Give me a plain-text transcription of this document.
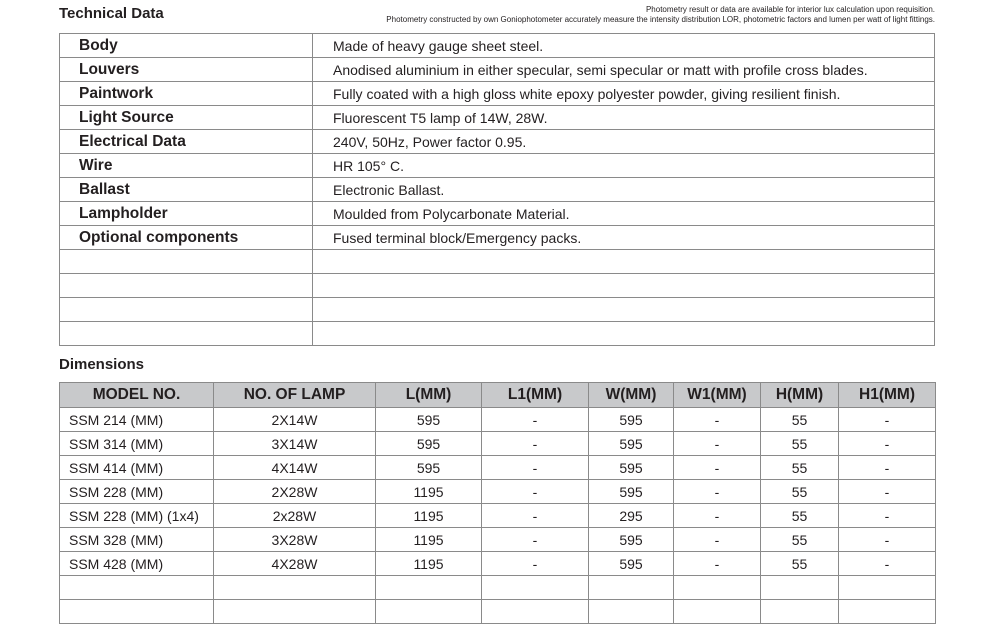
Technical Data	Photometry result or data are available for interior lux calculation upon requisition.
Photometry constructed by own Goniophotometer accurately measure the intensity distribution LOR, photometric factors and lumen per watt of light fittings.
Body	Made of heavy gauge sheet steel.
Louvers	Anodised aluminium in either specular, semi specular or matt with profile cross blades.
Paintwork	Fully coated with a high gloss white epoxy polyester powder, giving resilient finish.
Light Source	Fluorescent T5 lamp of 14W, 28W.
Electrical Data	240V, 50Hz, Power factor 0.95.
Wire	HR 105° C.
Ballast	Electronic Ballast.
Lampholder	Moulded from Polycarbonate Material.
Optional components	Fused terminal block/Emergency packs.

Dimensions
MODEL NO.	NO. OF LAMP	L(MM)	L1(MM)	W(MM)	W1(MM)	H(MM)	H1(MM)
SSM 214 (MM)	2X14W	595	-	595	-	55	-
SSM 314 (MM)	3X14W	595	-	595	-	55	-
SSM 414 (MM)	4X14W	595	-	595	-	55	-
SSM 228 (MM)	2X28W	1195	-	595	-	55	-
SSM 228 (MM) (1x4)	2x28W	1195	-	295	-	55	-
SSM 328 (MM)	3X28W	1195	-	595	-	55	-
SSM 428 (MM)	4X28W	1195	-	595	-	55	-
